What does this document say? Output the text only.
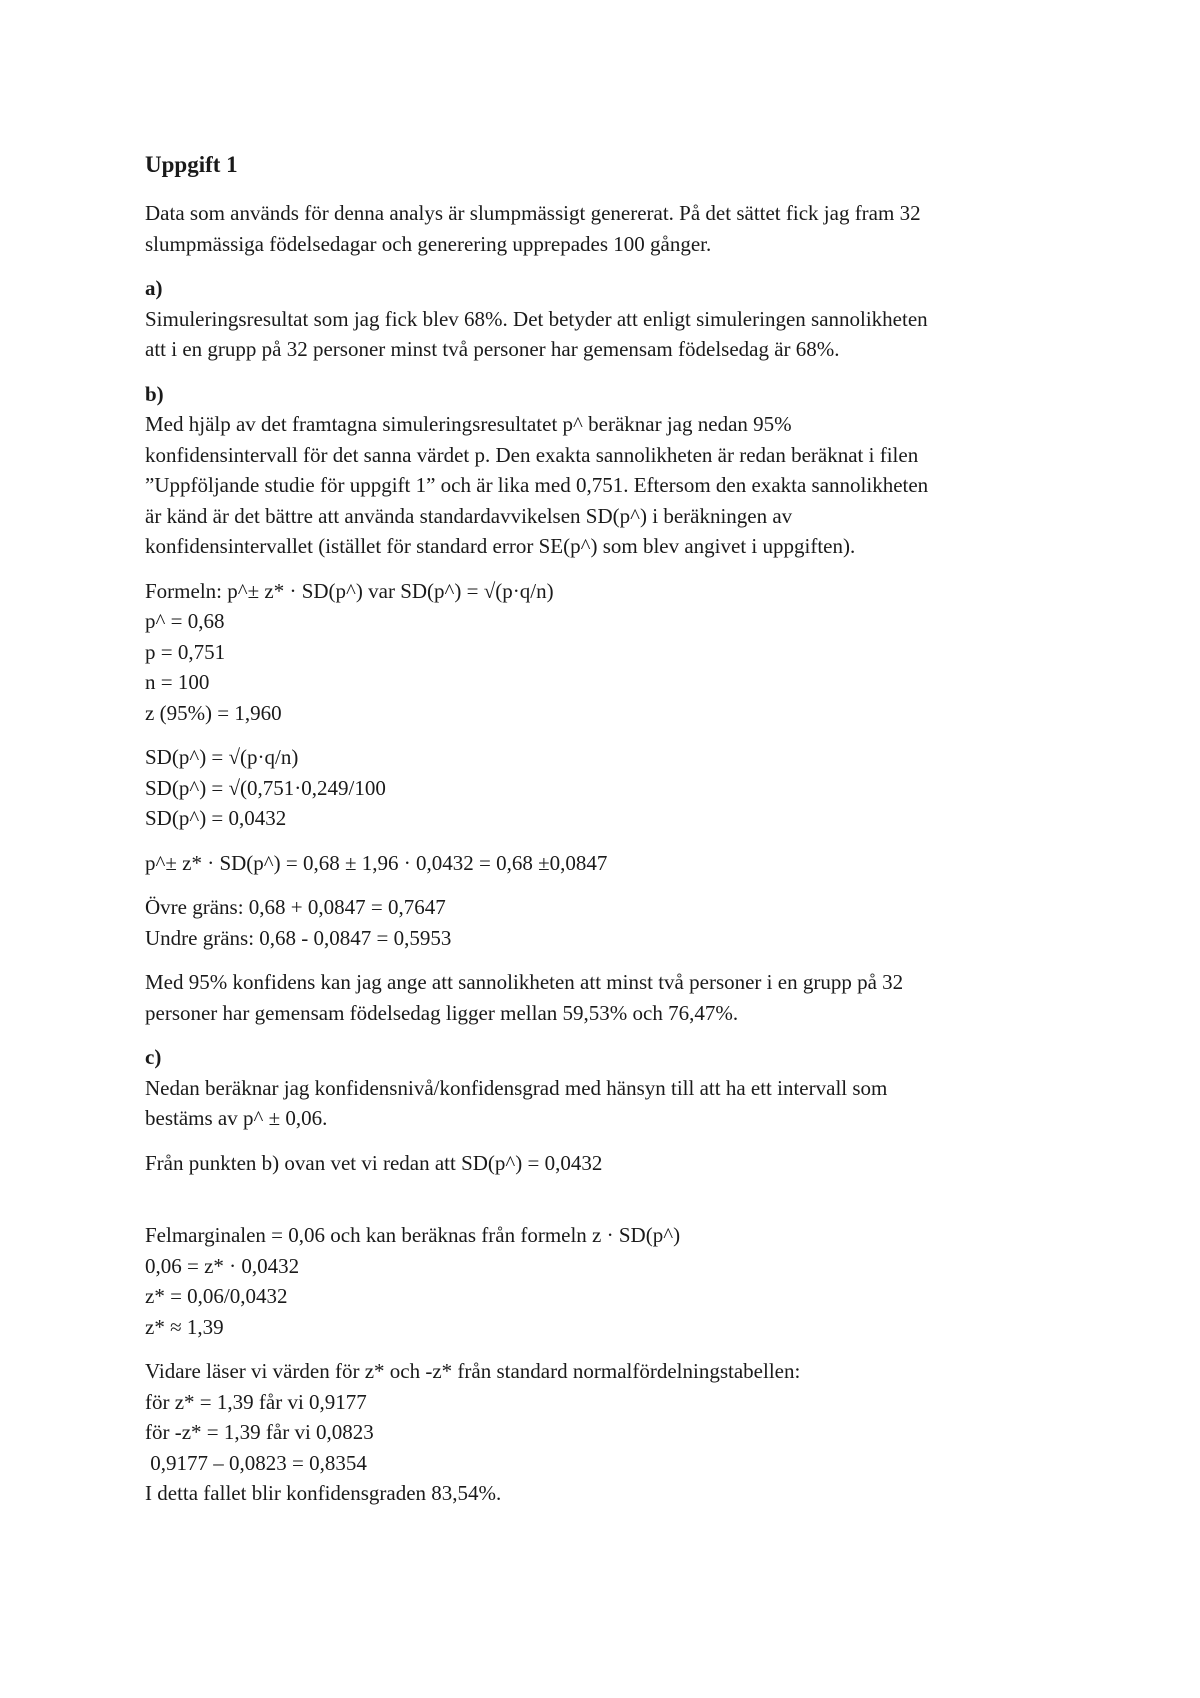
Uppgift 1
Data som används för denna analys är slumpmässigt genererat. På det sättet fick jag fram 32
slumpmässiga födelsedagar och generering upprepades 100 gånger.
a)
Simuleringsresultat som jag fick blev 68%. Det betyder att enligt simuleringen sannolikheten
att i en grupp på 32 personer minst två personer har gemensam födelsedag är 68%.
b)
Med hjälp av det framtagna simuleringsresultatet p^ beräknar jag nedan 95%
konfidensintervall för det sanna värdet p. Den exakta sannolikheten är redan beräknat i filen
”Uppföljande studie för uppgift 1” och är lika med 0,751. Eftersom den exakta sannolikheten
är känd är det bättre att använda standardavvikelsen SD(p^) i beräkningen av
konfidensintervallet (istället för standard error SE(p^) som blev angivet i uppgiften).
Formeln: p^± z* · SD(p^) var SD(p^) = √(p·q/n)
p^ = 0,68
p = 0,751
n = 100
z (95%) = 1,960
SD(p^) = √(p·q/n)
SD(p^) = √(0,751·0,249/100
SD(p^) = 0,0432
p^± z* · SD(p^) = 0,68 ± 1,96 · 0,0432 = 0,68 ±0,0847
Övre gräns: 0,68 + 0,0847 = 0,7647
Undre gräns: 0,68 - 0,0847 = 0,5953
Med 95% konfidens kan jag ange att sannolikheten att minst två personer i en grupp på 32
personer har gemensam födelsedag ligger mellan 59,53% och 76,47%.
c)
Nedan beräknar jag konfidensnivå/konfidensgrad med hänsyn till att ha ett intervall som
bestäms av p^ ± 0,06.
Från punkten b) ovan vet vi redan att SD(p^) = 0,0432
Felmarginalen = 0,06 och kan beräknas från formeln z · SD(p^)
0,06 = z* · 0,0432
z* = 0,06/0,0432
z* ≈ 1,39
Vidare läser vi värden för z* och -z* från standard normalfördelningstabellen:
för z* = 1,39 får vi 0,9177
för -z* = 1,39 får vi 0,0823
0,9177 – 0,0823 = 0,8354
I detta fallet blir konfidensgraden 83,54%.
